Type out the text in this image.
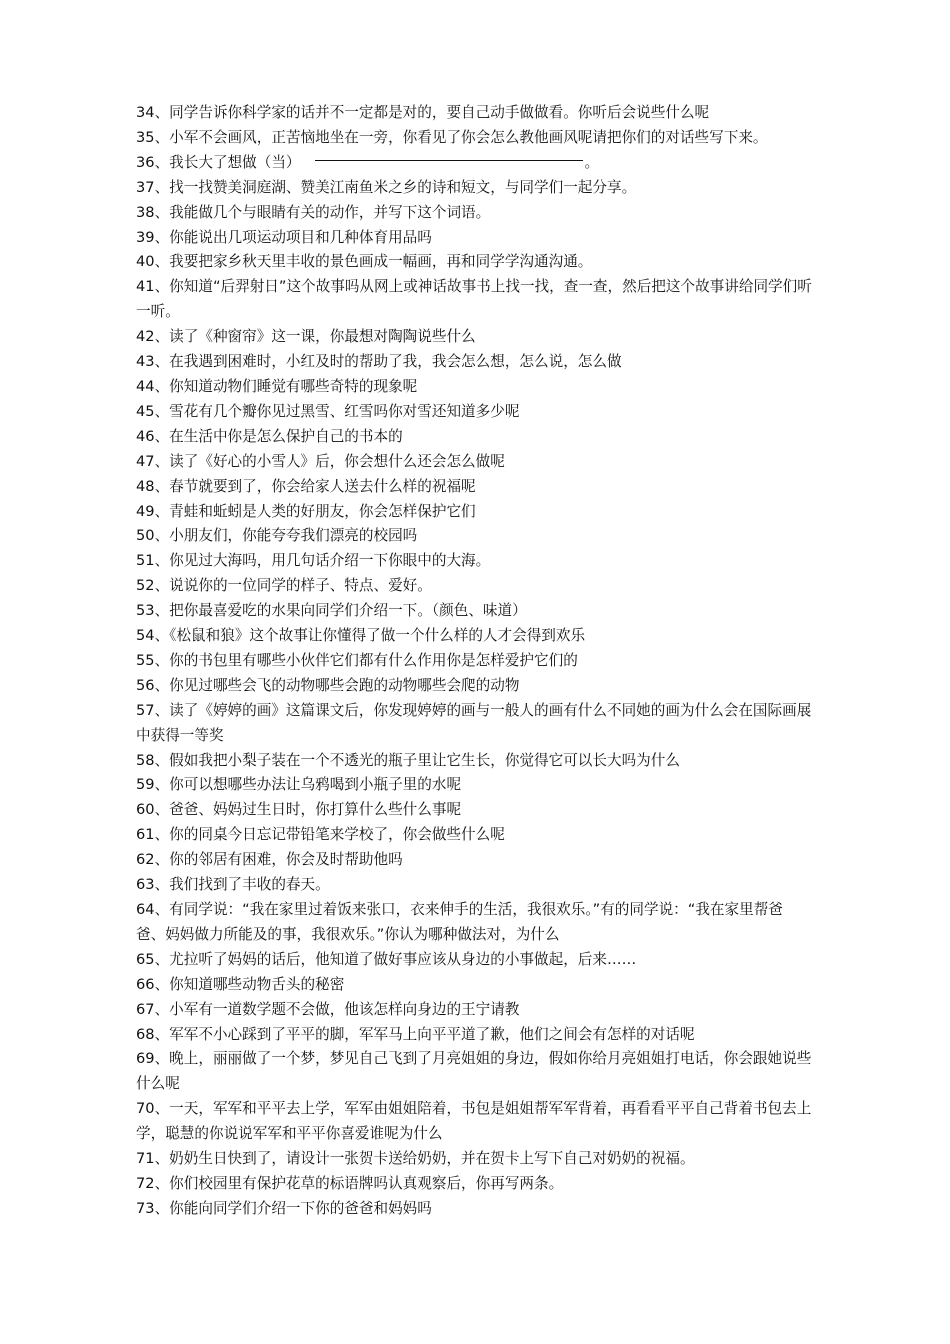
34、同学告诉你科学家的话并不一定都是对的，要自己动手做做看。你听后会说些什么呢

35、小军不会画风，正苦恼地坐在一旁，你看见了你会怎么教他画风呢请把你们的对话些写下来。

36、我长大了想做（当）	。

37、找一找赞美洞庭湖、赞美江南鱼米之乡的诗和短文，与同学们一起分享。

38、我能做几个与眼睛有关的动作，并写下这个词语。

39、你能说出几项运动项目和几种体育用品吗

40、我要把家乡秋天里丰收的景色画成一幅画，再和同学学沟通沟通。

41、你知道“后羿射日”这个故事吗从网上或神话故事书上找一找，查一查，然后把这个故事讲给同学们听一听。

42、读了《种窗帘》这一课，你最想对陶陶说些什么

43、在我遇到困难时，小红及时的帮助了我，我会怎么想，怎么说，怎么做

44、你知道动物们睡觉有哪些奇特的现象呢

45、雪花有几个瓣你见过黑雪、红雪吗你对雪还知道多少呢

46、在生活中你是怎么保护自己的书本的

47、读了《好心的小雪人》后，你会想什么还会怎么做呢

48、春节就要到了，你会给家人送去什么样的祝福呢

49、青蛙和蚯蚓是人类的好朋友，你会怎样保护它们

50、小朋友们，你能夸夸我们漂亮的校园吗

51、你见过大海吗，用几句话介绍一下你眼中的大海。

52、说说你的一位同学的样子、特点、爱好。

53、把你最喜爱吃的水果向同学们介绍一下。（颜色、味道）

54、《松鼠和狼》这个故事让你懂得了做一个什么样的人才会得到欢乐

55、你的书包里有哪些小伙伴它们都有什么作用你是怎样爱护它们的

56、你见过哪些会飞的动物哪些会跑的动物哪些会爬的动物

57、读了《婷婷的画》这篇课文后，你发现婷婷的画与一般人的画有什么不同她的画为什么会在国际画展中获得一等奖

58、假如我把小梨子装在一个不透光的瓶子里让它生长，你觉得它可以长大吗为什么

59、你可以想哪些办法让乌鸦喝到小瓶子里的水呢

60、爸爸、妈妈过生日时，你打算什么些什么事呢

61、你的同桌今日忘记带铅笔来学校了，你会做些什么呢

62、你的邻居有困难，你会及时帮助他吗

63、我们找到了丰收的春天。

64、有同学说：“我在家里过着饭来张口，衣来伸手的生活，我很欢乐。”有的同学说：“我在家里帮爸爸、妈妈做力所能及的事，我很欢乐。”你认为哪种做法对，为什么

65、尤拉听了妈妈的话后，他知道了做好事应该从身边的小事做起，后来……

66、你知道哪些动物舌头的秘密

67、小军有一道数学题不会做，他该怎样向身边的王宁请教

68、军军不小心踩到了平平的脚，军军马上向平平道了歉，他们之间会有怎样的对话呢

69、晚上，丽丽做了一个梦，梦见自己飞到了月亮姐姐的身边，假如你给月亮姐姐打电话，你会跟她说些什么呢

70、一天，军军和平平去上学，军军由姐姐陪着，书包是姐姐帮军军背着，再看看平平自己背着书包去上学，聪慧的你说说军军和平平你喜爱谁呢为什么

71、奶奶生日快到了，请设计一张贺卡送给奶奶，并在贺卡上写下自己对奶奶的祝福。

72、你们校园里有保护花草的标语牌吗认真观察后，你再写两条。

73、你能向同学们介绍一下你的爸爸和妈妈吗
